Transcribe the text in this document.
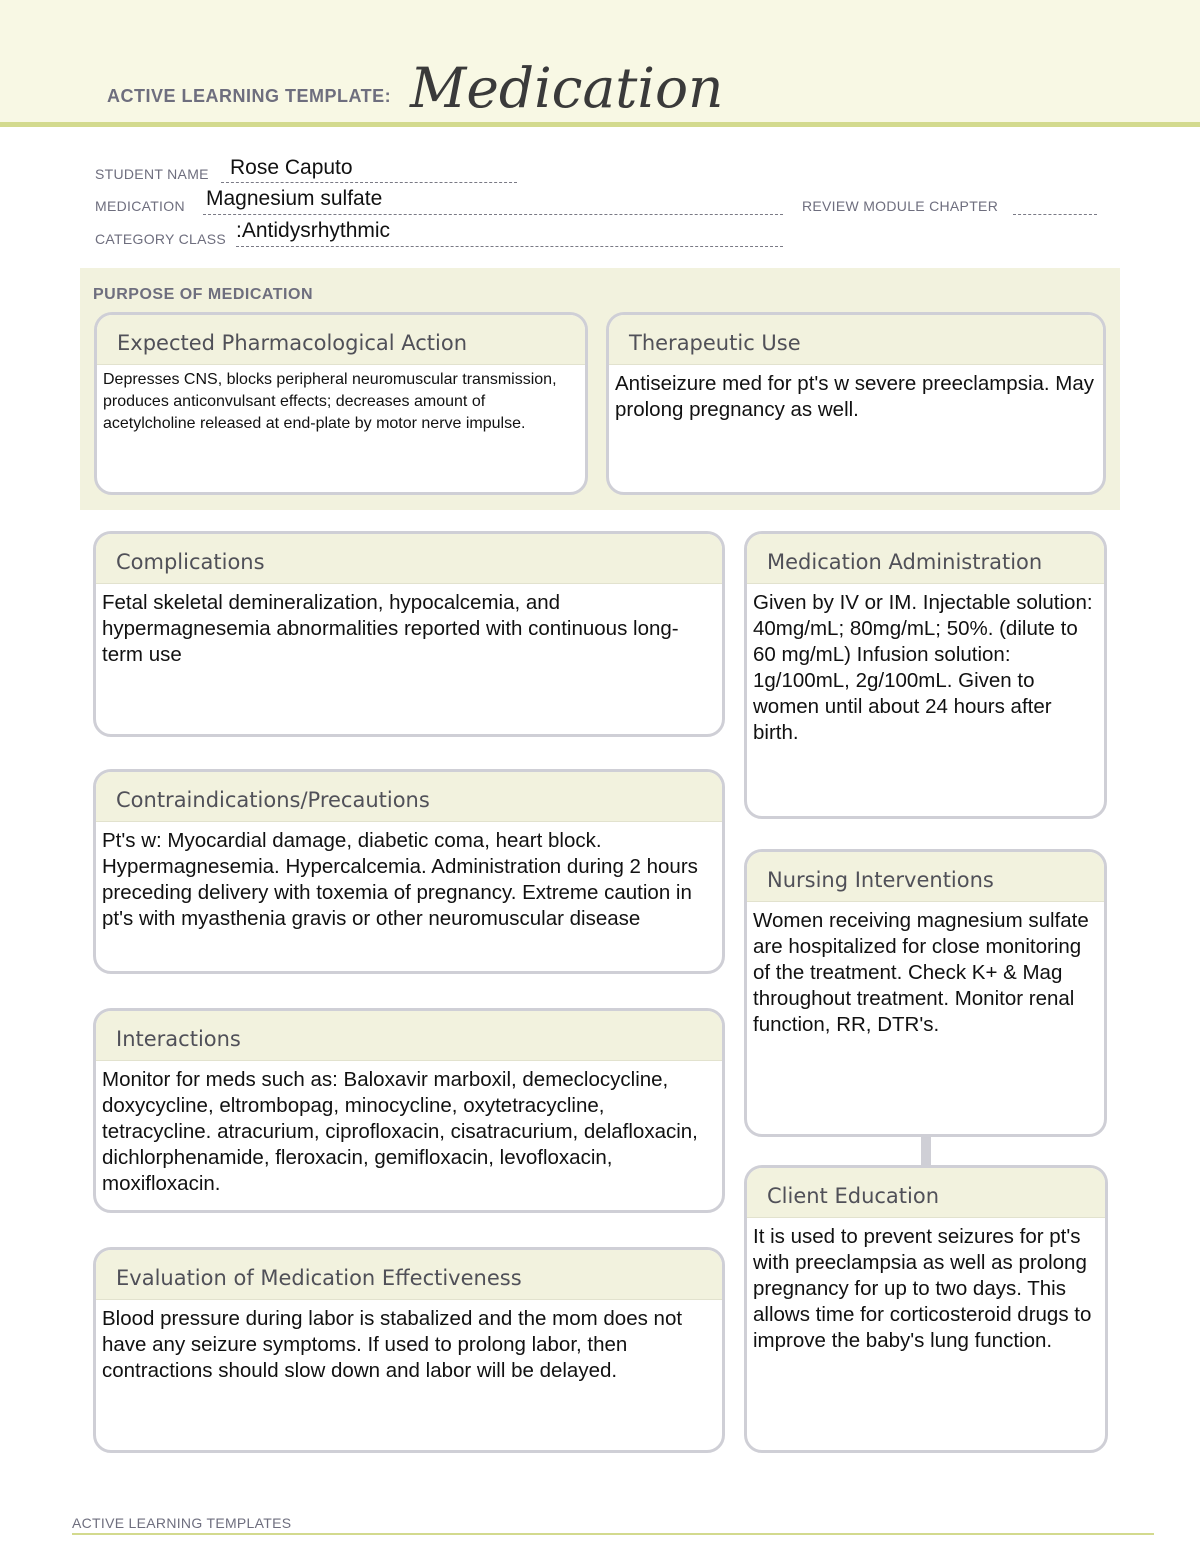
ACTIVE LEARNING TEMPLATE: Medication
STUDENT NAME Rose Caputo
MEDICATION Magnesium sulfate	REVIEW MODULE CHAPTER
CATEGORY CLASS :Antidysrhythmic
PURPOSE OF MEDICATION
Expected Pharmacological Action
Depresses CNS, blocks peripheral neuromuscular transmission, produces anticonvulsant effects; decreases amount of acetylcholine released at end-plate by motor nerve impulse.
Therapeutic Use
Antiseizure med for pt's w severe preeclampsia. May prolong pregnancy as well.
Complications
Fetal skeletal demineralization, hypocalcemia, and hypermagnesemia abnormalities reported with continuous long-term use
Contraindications/Precautions
Pt's w: Myocardial damage, diabetic coma, heart block. Hypermagnesemia. Hypercalcemia. Administration during 2 hours preceding delivery with toxemia of pregnancy. Extreme caution in pt's with myasthenia gravis or other neuromuscular disease
Interactions
Monitor for meds such as: Baloxavir marboxil, demeclocycline, doxycycline, eltrombopag, minocycline, oxytetracycline, tetracycline. atracurium, ciprofloxacin, cisatracurium, delafloxacin, dichlorphenamide, fleroxacin, gemifloxacin, levofloxacin, moxifloxacin.
Evaluation of Medication Effectiveness
Blood pressure during labor is stabalized and the mom does not have any seizure symptoms. If used to prolong labor, then contractions should slow down and labor will be delayed.
Medication Administration
Given by IV or IM. Injectable solution: 40mg/mL; 80mg/mL; 50%. (dilute to 60 mg/mL) Infusion solution: 1g/100mL, 2g/100mL. Given to women until about 24 hours after birth.
Nursing Interventions
Women receiving magnesium sulfate are hospitalized for close monitoring of the treatment. Check K+ & Mag throughout treatment. Monitor renal function, RR, DTR's.
Client Education
It is used to prevent seizures for pt's with preeclampsia as well as prolong pregnancy for up to two days. This allows time for corticosteroid drugs to improve the baby's lung function.
ACTIVE LEARNING TEMPLATES
